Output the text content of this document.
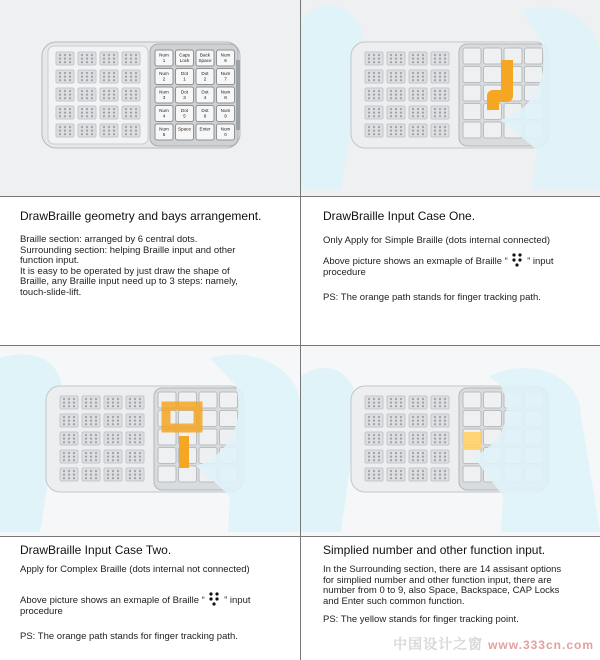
Num
1
Caps
Lock
Back
Space
Num
6
Num
2
Dot
1
Dot
2
Num
7
Num
3
Dot
3
Dot
4
Num
8
Num
4
Dot
5
Dot
6
Num
9
Num
5
Space Enter Num
0
DrawBraille geometry and bays arrangement.
Braille section: arranged by 6 central dots.
Surrounding section: helping Braille input and other
function input.
It is easy to be operated by just draw the shape of
Braille, any Braille input need up to 3 steps: namely,
touch-slide-lift.
DrawBraille Input Case One.
Only Apply for Simple Braille (dots internal connected)
Above picture shows an exmaple of Braille “ ” input
procedure
PS: The orange path stands for finger tracking path.
DrawBraille Input Case Two.
Apply for Complex Braille (dots internal not connected)
Above picture shows an exmaple of Braille “ ” input
procedure
PS: The orange path stands for finger tracking path.
Simplied number and other function input.
In the Surrounding section, there are 14 assisant options
for simplied number and other function input, there are
number from 0 to 9, also Space, Backspace, CAP Locks
and Enter such common function.
PS: The yellow stands for finger tracking point.
中国设计之窗 www.333cn.com
